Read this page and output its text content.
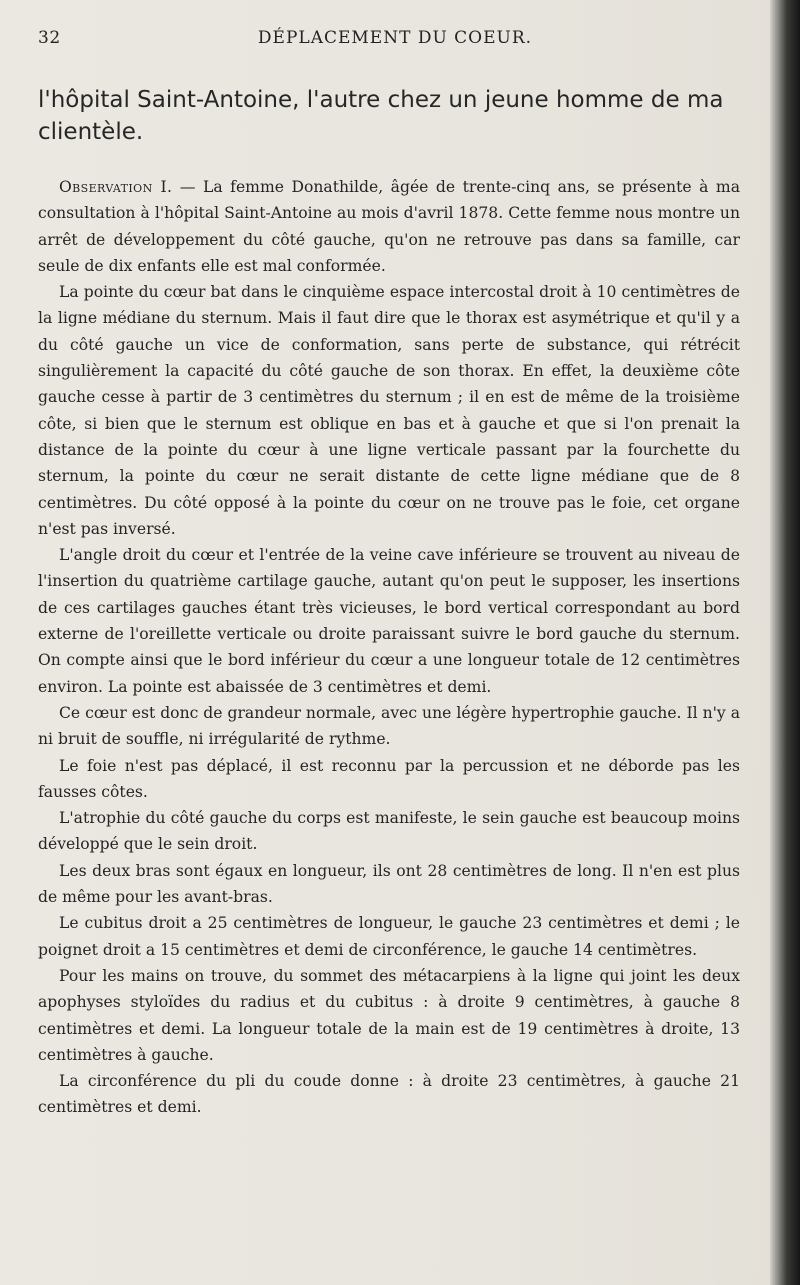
32	DÉPLACEMENT DU COEUR.

l'hôpital Saint-Antoine, l'autre chez un jeune homme de ma clientèle.

Observation I. — La femme Donathilde, âgée de trente-cinq ans, se présente à ma consultation à l'hôpital Saint-Antoine au mois d'avril 1878. Cette femme nous montre un arrêt de développement du côté gauche, qu'on ne retrouve pas dans sa famille, car seule de dix enfants elle est mal conformée.

La pointe du cœur bat dans le cinquième espace intercostal droit à 10 centimètres de la ligne médiane du sternum. Mais il faut dire que le thorax est asymétrique et qu'il y a du côté gauche un vice de conformation, sans perte de substance, qui rétrécit singulièrement la capacité du côté gauche de son thorax. En effet, la deuxième côte gauche cesse à partir de 3 centimètres du sternum ; il en est de même de la troisième côte, si bien que le sternum est oblique en bas et à gauche et que si l'on prenait la distance de la pointe du cœur à une ligne verticale passant par la fourchette du sternum, la pointe du cœur ne serait distante de cette ligne médiane que de 8 centimètres. Du côté opposé à la pointe du cœur on ne trouve pas le foie, cet organe n'est pas inversé.

L'angle droit du cœur et l'entrée de la veine cave inférieure se trouvent au niveau de l'insertion du quatrième cartilage gauche, autant qu'on peut le supposer, les insertions de ces cartilages gauches étant très vicieuses, le bord vertical correspondant au bord externe de l'oreillette verticale ou droite paraissant suivre le bord gauche du sternum. On compte ainsi que le bord inférieur du cœur a une longueur totale de 12 centimètres environ. La pointe est abaissée de 3 centimètres et demi.

Ce cœur est donc de grandeur normale, avec une légère hypertrophie gauche. Il n'y a ni bruit de souffle, ni irrégularité de rythme.

Le foie n'est pas déplacé, il est reconnu par la percussion et ne déborde pas les fausses côtes.

L'atrophie du côté gauche du corps est manifeste, le sein gauche est beaucoup moins développé que le sein droit.

Les deux bras sont égaux en longueur, ils ont 28 centimètres de long. Il n'en est plus de même pour les avant-bras.

Le cubitus droit a 25 centimètres de longueur, le gauche 23 centimètres et demi ; le poignet droit a 15 centimètres et demi de circonférence, le gauche 14 centimètres.

Pour les mains on trouve, du sommet des métacarpiens à la ligne qui joint les deux apophyses styloïdes du radius et du cubitus : à droite 9 centimètres, à gauche 8 centimètres et demi. La longueur totale de la main est de 19 centimètres à droite, 13 centimètres à gauche.

La circonférence du pli du coude donne : à droite 23 centimètres, à gauche 21 centimètres et demi.
